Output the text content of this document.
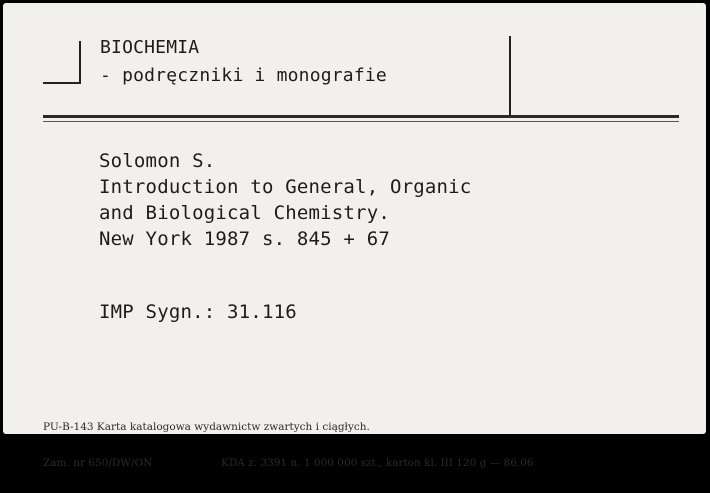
BIOCHEMIA
- podręczniki i monografie
Solomon S.
Introduction to General, Organic
and Biological Chemistry.
New York 1987 s. 845 + 67
IMP Sygn.: 31.116

PU-B-143 Karta katalogowa wydawnictw zwartych i ciągłych.

Zam. nr 650/DW/ON	KDA z. 3391 n. 1 000 000 szt., karton kl. III 120 g — 86.06
